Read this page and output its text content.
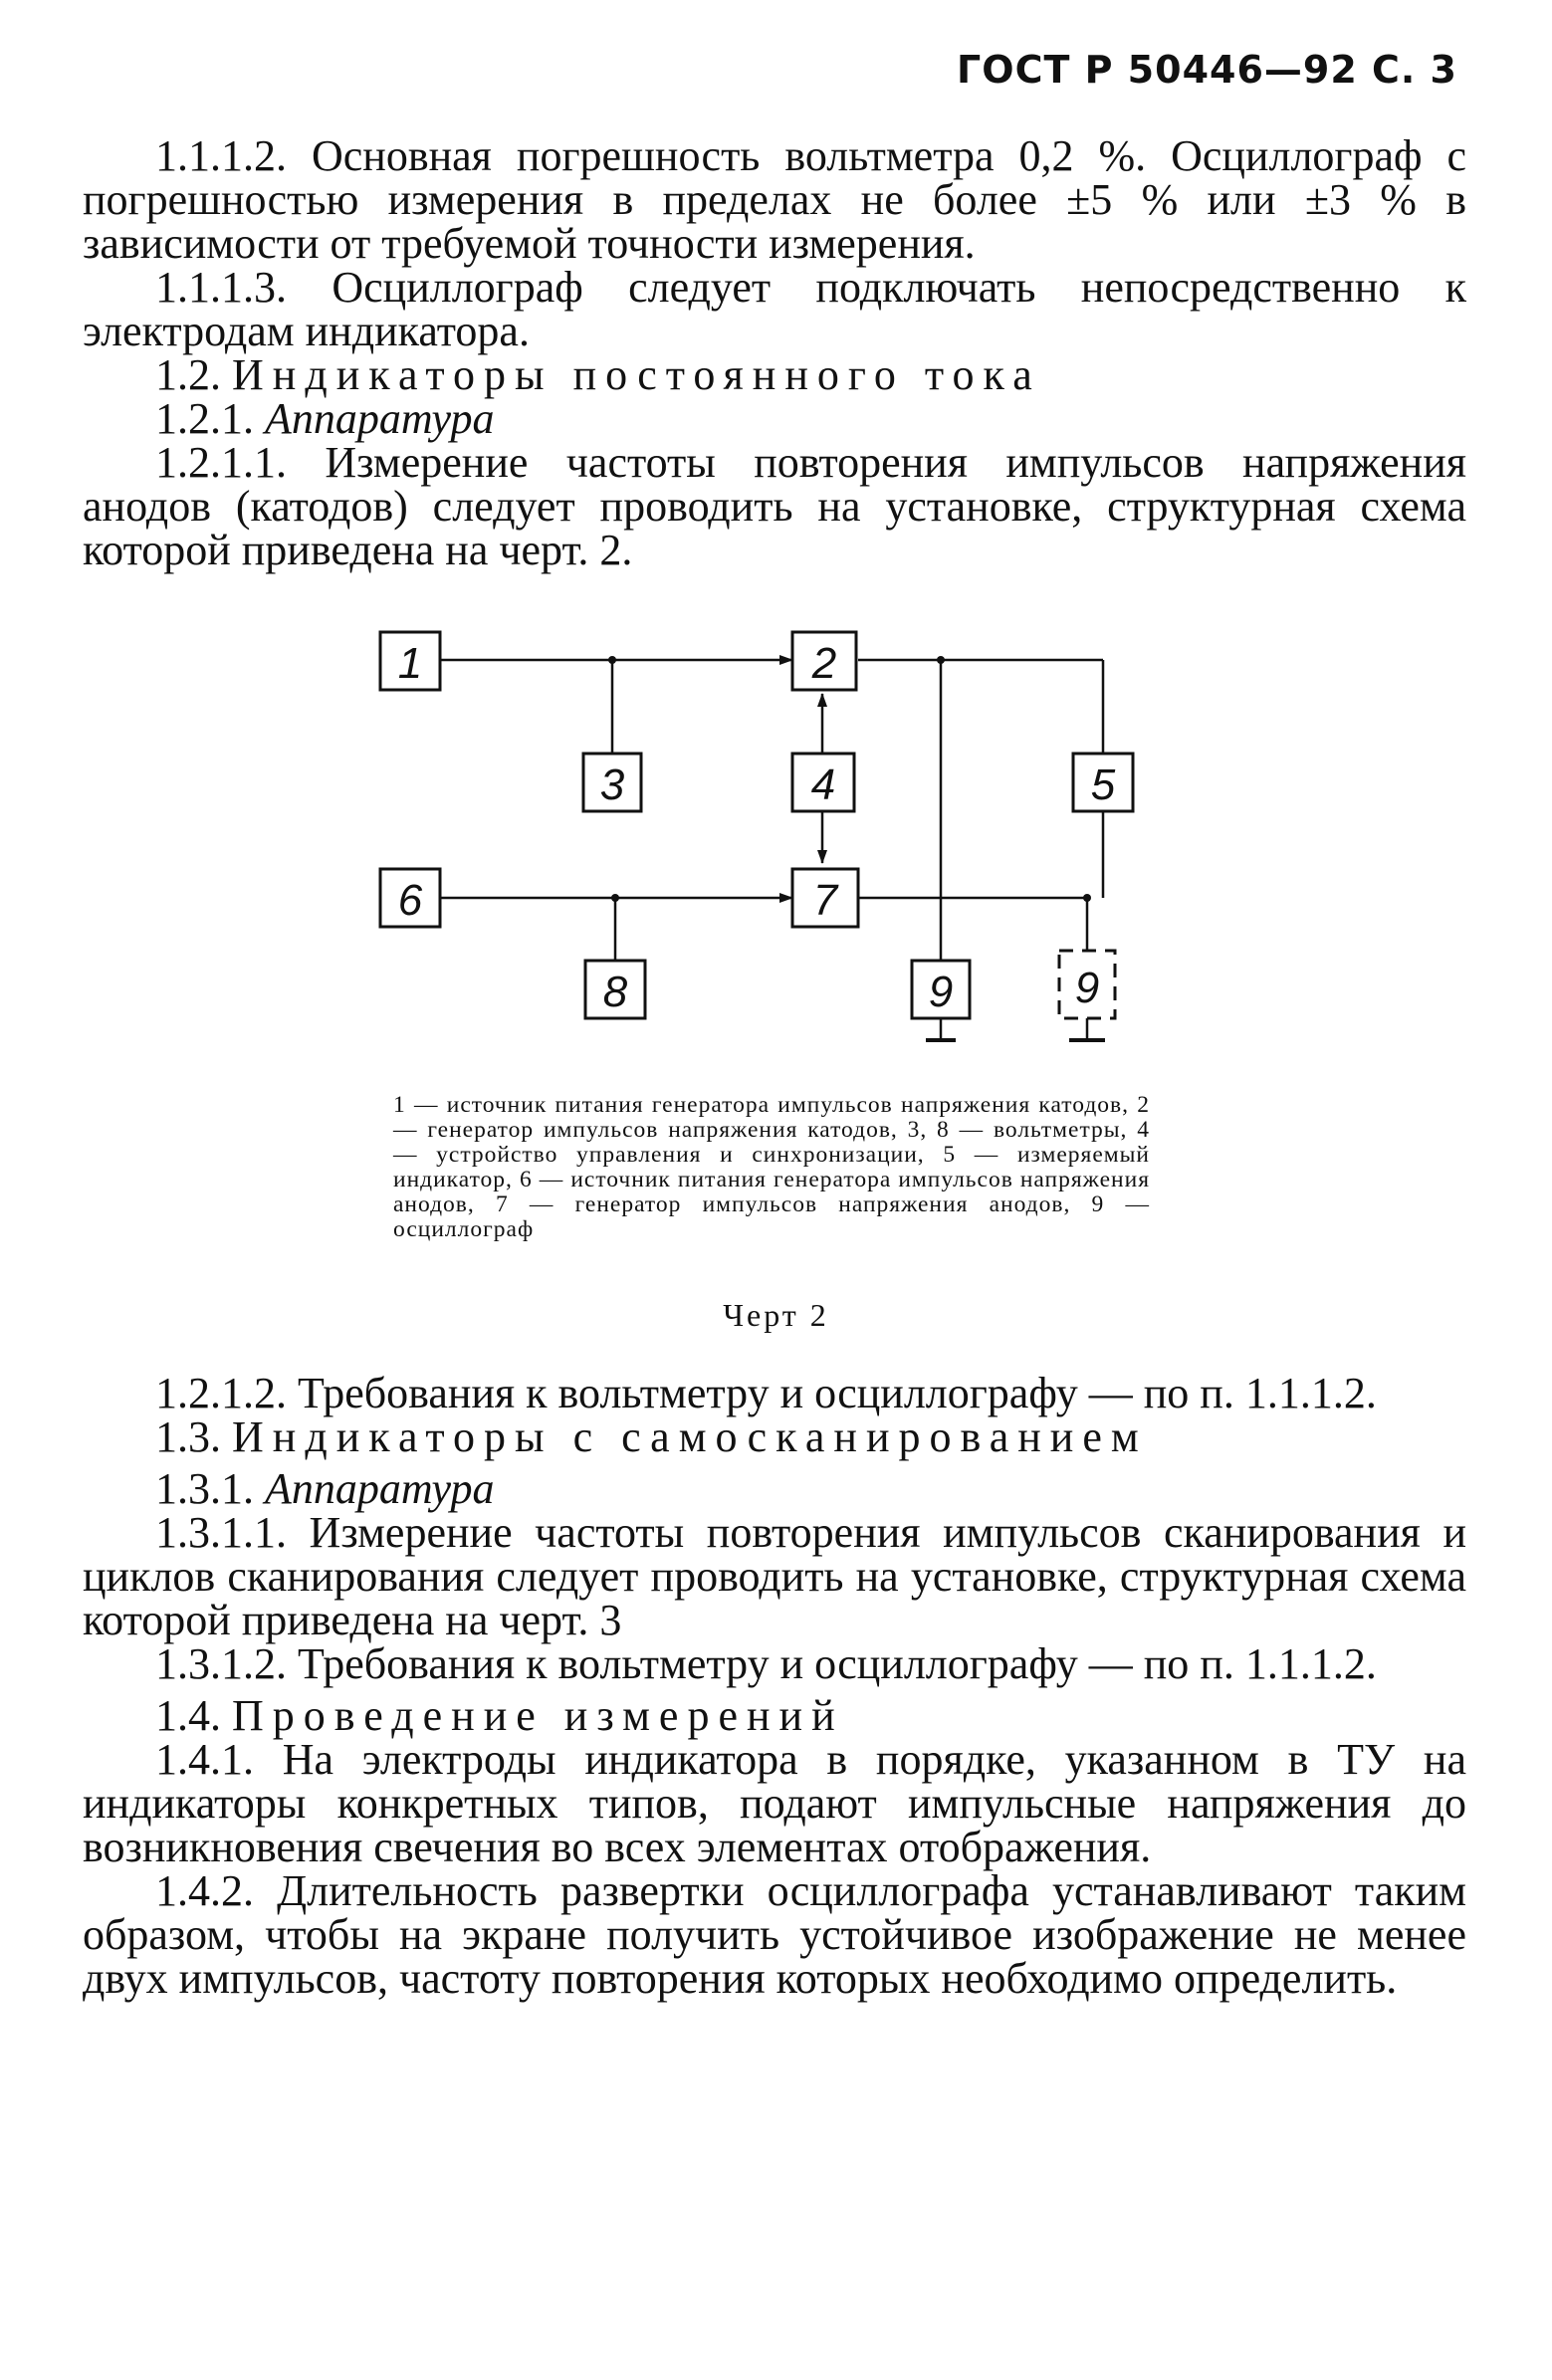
ГОСТ Р 50446—92 С. 3

1.1.1.2. Основная погрешность вольтметра 0,2 %. Осциллограф с погрешностью измерения в пределах не более ±5 % или ±3 % в зависимости от требуемой точности измерения.

1.1.1.3. Осциллограф следует подключать непосредственно к электродам индикатора.

1.2. Индикаторы постоянного тока

1.2.1. Аппаратура

1.2.1.1. Измерение частоты повторения импульсов напряжения анодов (катодов) следует проводить на установке, структурная схема которой приведена на черт. 2.

1	2
3	4	5
6	7
8	9	9
1 — источник питания генератора импульсов напряжения катодов, 2 — генератор импульсов напряжения катодов, 3, 8 — вольтметры, 4 — устройство управления и синхронизации, 5 — измеряемый индикатор, 6 — источник питания генератора импульсов напряжения анодов, 7 — генератор импульсов напряжения анодов, 9 — осциллограф
Черт 2

1.2.1.2. Требования к вольтметру и осциллографу — по п. 1.1.1.2.

1.3. Индикаторы с самосканированием

1.3.1. Аппаратура

1.3.1.1. Измерение частоты повторения импульсов сканирования и циклов сканирования следует проводить на установке, структурная схема которой приведена на черт. 3

1.3.1.2. Требования к вольтметру и осциллографу — по п. 1.1.1.2.

1.4. Проведение измерений

1.4.1. На электроды индикатора в порядке, указанном в ТУ на индикаторы конкретных типов, подают импульсные напряжения до возникновения свечения во всех элементах отображения.

1.4.2. Длительность развертки осциллографа устанавливают таким образом, чтобы на экране получить устойчивое изображение не менее двух импульсов, частоту повторения которых необходимо определить.
